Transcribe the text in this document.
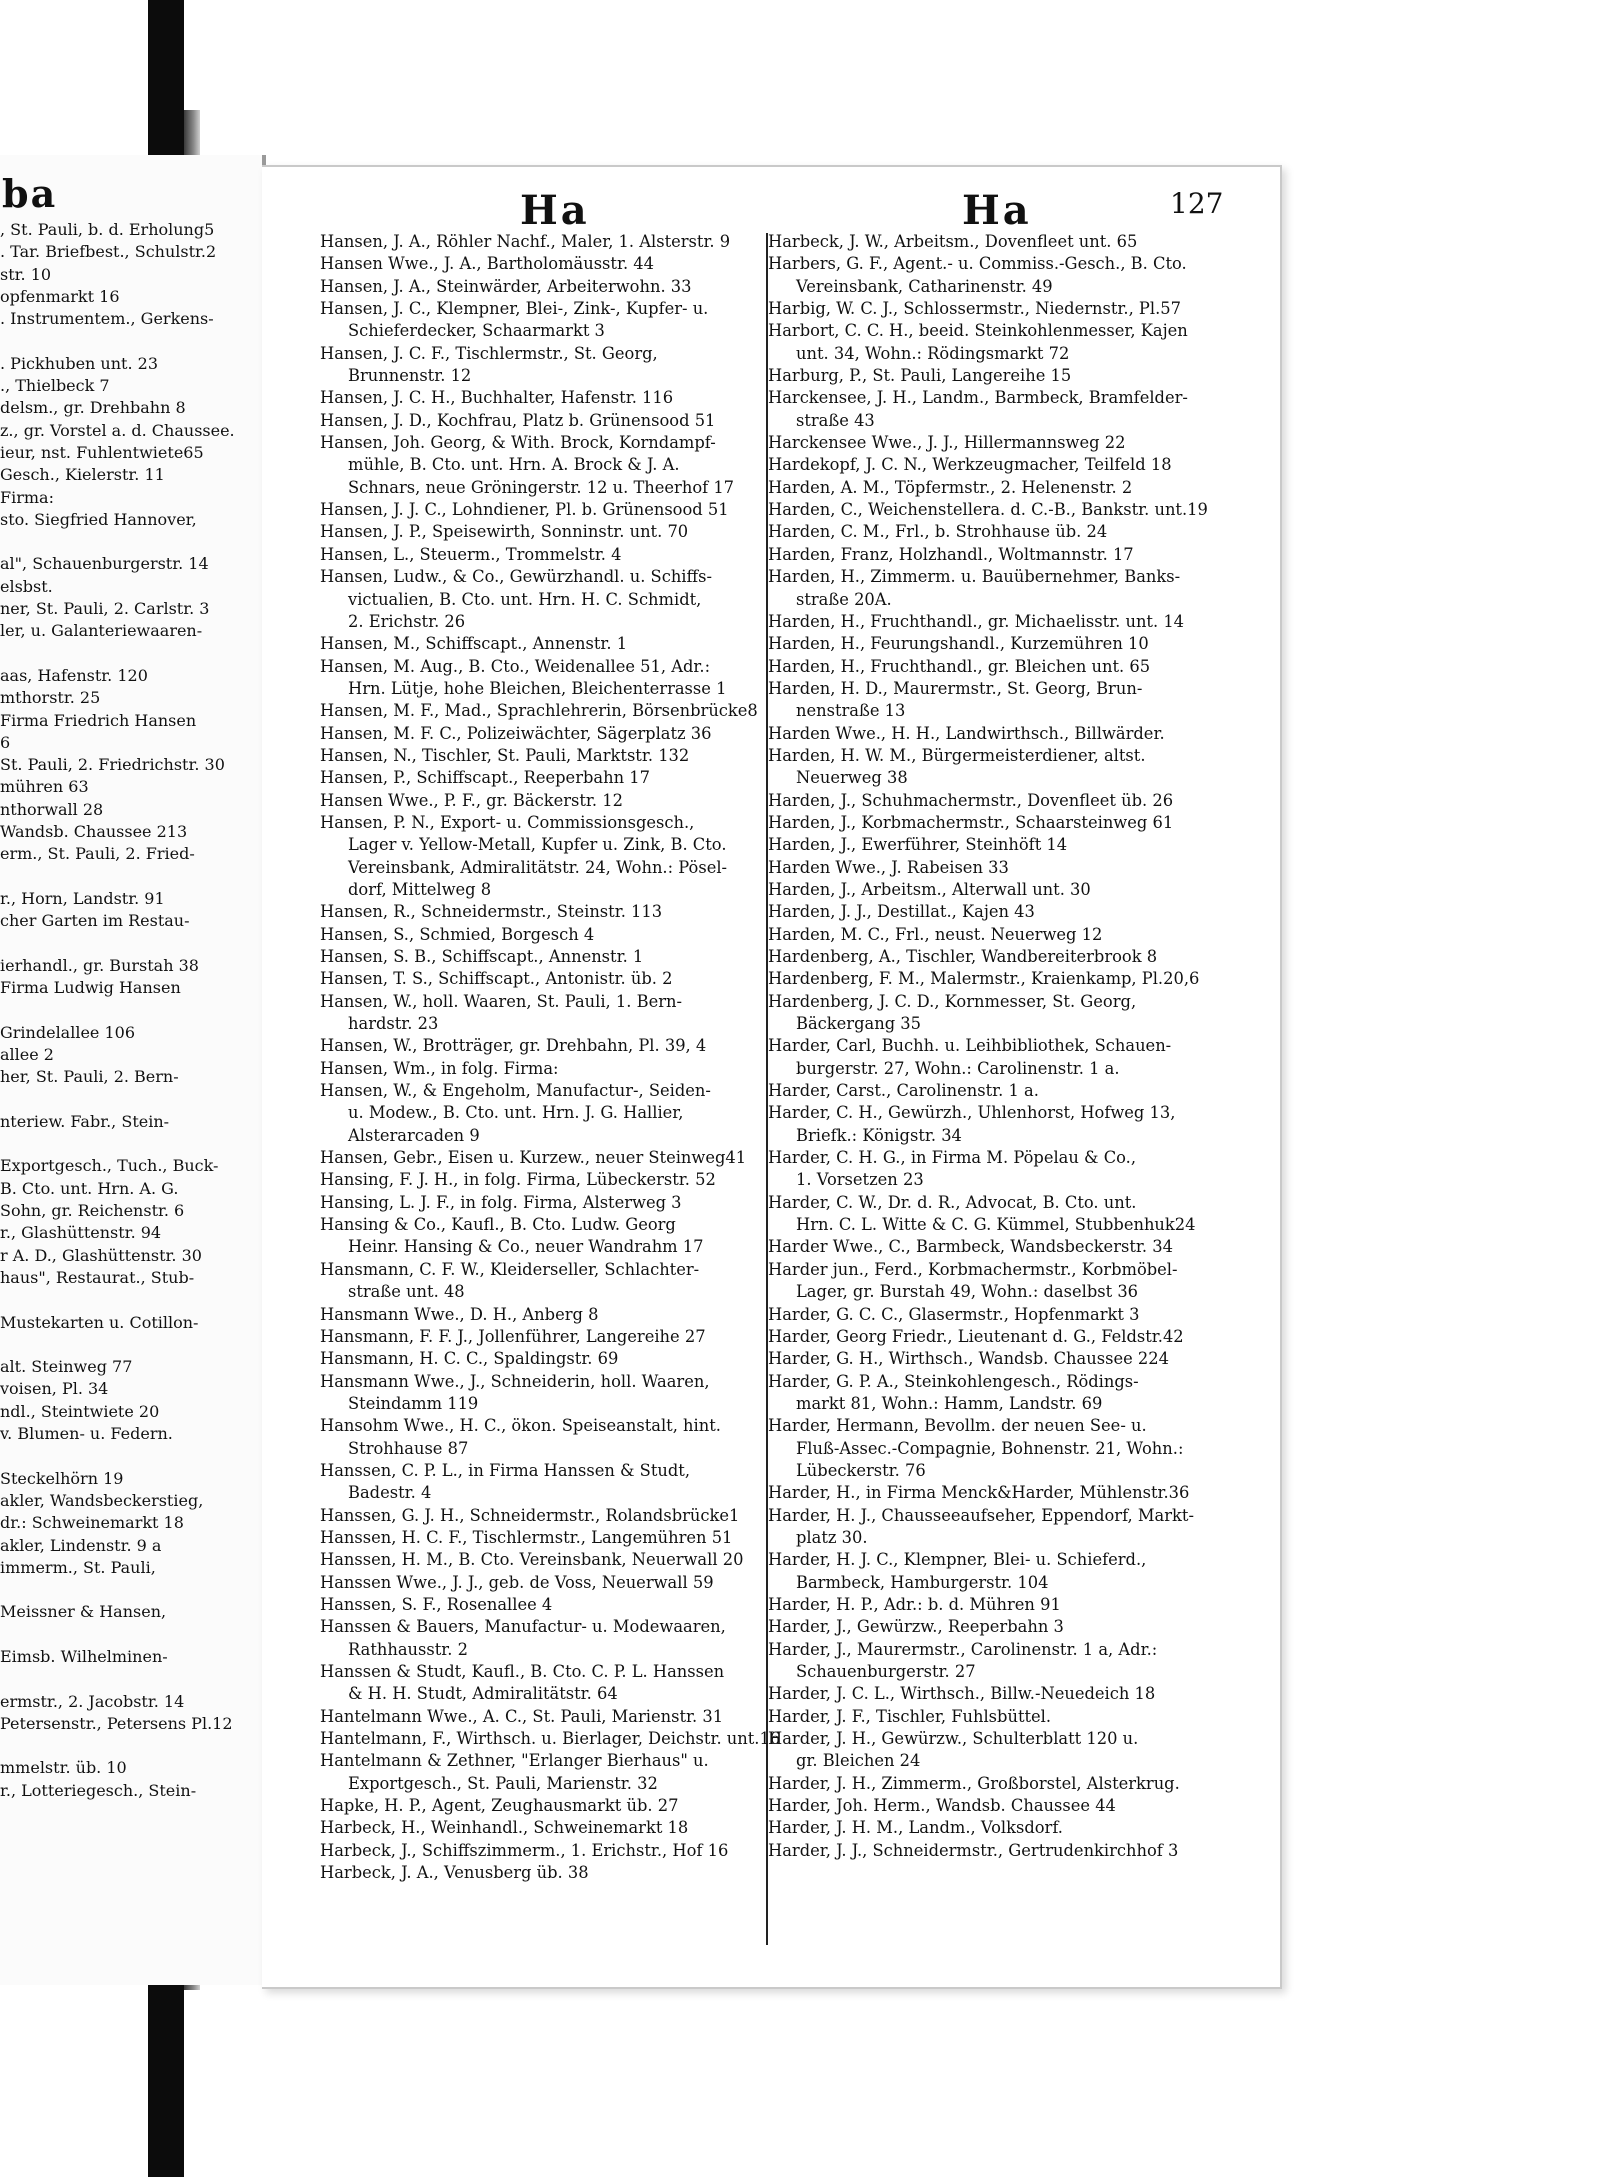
ba
, St. Pauli, b. d. Erholung5
. Tar. Briefbest., Schulstr.2
str. 10
opfenmarkt 16
. Instrumentem., Gerkens-
. Pickhuben unt. 23
., Thielbeck 7
delsm., gr. Drehbahn 8
z., gr. Vorstel a. d. Chaussee.
ieur, nst. Fuhlentwiete65
Gesch., Kielerstr. 11
Firma:
sto. Siegfried Hannover,
al", Schauenburgerstr. 14
elsbst.
ner, St. Pauli, 2. Carlstr. 3
ler, u. Galanteriewaaren-
aas, Hafenstr. 120
mthorstr. 25
Firma Friedrich Hansen
6
St. Pauli, 2. Friedrichstr. 30
mühren 63
nthorwall 28
Wandsb. Chaussee 213
erm., St. Pauli, 2. Fried-
r., Horn, Landstr. 91
cher Garten im Restau-
ierhandl., gr. Burstah 38
Firma Ludwig Hansen
Grindelallee 106
allee 2
her, St. Pauli, 2. Bern-
nteriew. Fabr., Stein-
Exportgesch., Tuch., Buck-
B. Cto. unt. Hrn. A. G.
Sohn, gr. Reichenstr. 6
r., Glashüttenstr. 94
r A. D., Glashüttenstr. 30
haus", Restaurat., Stub-
Mustekarten u. Cotillon-
alt. Steinweg 77
voisen, Pl. 34
ndl., Steintwiete 20
v. Blumen- u. Federn.
Steckelhörn 19
akler, Wandsbeckerstieg,
dr.: Schweinemarkt 18
akler, Lindenstr. 9 a
immerm., St. Pauli,
Meissner & Hansen,
Eimsb. Wilhelminen-
ermstr., 2. Jacobstr. 14
Petersenstr., Petersens Pl.12
mmelstr. üb. 10
r., Lotteriegesch., Stein-
Ha	Ha	127
Hansen, J. A., Röhler Nachf., Maler, 1. Alsterstr. 9
Hansen Wwe., J. A., Bartholomäusstr. 44
Hansen, J. A., Steinwärder, Arbeiterwohn. 33
Hansen, J. C., Klempner, Blei-, Zink-, Kupfer- u.
Schieferdecker, Schaarmarkt 3
Hansen, J. C. F., Tischlermstr., St. Georg,
Brunnenstr. 12
Hansen, J. C. H., Buchhalter, Hafenstr. 116
Hansen, J. D., Kochfrau, Platz b. Grünensood 51
Hansen, Joh. Georg, & With. Brock, Korndampf-
mühle, B. Cto. unt. Hrn. A. Brock & J. A.
Schnars, neue Gröningerstr. 12 u. Theerhof 17
Hansen, J. J. C., Lohndiener, Pl. b. Grünensood 51
Hansen, J. P., Speisewirth, Sonninstr. unt. 70
Hansen, L., Steuerm., Trommelstr. 4
Hansen, Ludw., & Co., Gewürzhandl. u. Schiffs-
victualien, B. Cto. unt. Hrn. H. C. Schmidt,
2. Erichstr. 26
Hansen, M., Schiffscapt., Annenstr. 1
Hansen, M. Aug., B. Cto., Weidenallee 51, Adr.:
Hrn. Lütje, hohe Bleichen, Bleichenterrasse 1
Hansen, M. F., Mad., Sprachlehrerin, Börsenbrücke8
Hansen, M. F. C., Polizeiwächter, Sägerplatz 36
Hansen, N., Tischler, St. Pauli, Marktstr. 132
Hansen, P., Schiffscapt., Reeperbahn 17
Hansen Wwe., P. F., gr. Bäckerstr. 12
Hansen, P. N., Export- u. Commissionsgesch.,
Lager v. Yellow-Metall, Kupfer u. Zink, B. Cto.
Vereinsbank, Admiralitätstr. 24, Wohn.: Pösel-
dorf, Mittelweg 8
Hansen, R., Schneidermstr., Steinstr. 113
Hansen, S., Schmied, Borgesch 4
Hansen, S. B., Schiffscapt., Annenstr. 1
Hansen, T. S., Schiffscapt., Antonistr. üb. 2
Hansen, W., holl. Waaren, St. Pauli, 1. Bern-
hardstr. 23
Hansen, W., Brotträger, gr. Drehbahn, Pl. 39, 4
Hansen, Wm., in folg. Firma:
Hansen, W., & Engeholm, Manufactur-, Seiden-
u. Modew., B. Cto. unt. Hrn. J. G. Hallier,
Alsterarcaden 9
Hansen, Gebr., Eisen u. Kurzew., neuer Steinweg41
Hansing, F. J. H., in folg. Firma, Lübeckerstr. 52
Hansing, L. J. F., in folg. Firma, Alsterweg 3
Hansing & Co., Kaufl., B. Cto. Ludw. Georg
Heinr. Hansing & Co., neuer Wandrahm 17
Hansmann, C. F. W., Kleiderseller, Schlachter-
straße unt. 48
Hansmann Wwe., D. H., Anberg 8
Hansmann, F. F. J., Jollenführer, Langereihe 27
Hansmann, H. C. C., Spaldingstr. 69
Hansmann Wwe., J., Schneiderin, holl. Waaren,
Steindamm 119
Hansohm Wwe., H. C., ökon. Speiseanstalt, hint.
Strohhause 87
Hanssen, C. P. L., in Firma Hanssen & Studt,
Badestr. 4
Hanssen, G. J. H., Schneidermstr., Rolandsbrücke1
Hanssen, H. C. F., Tischlermstr., Langemühren 51
Hanssen, H. M., B. Cto. Vereinsbank, Neuerwall 20
Hanssen Wwe., J. J., geb. de Voss, Neuerwall 59
Hanssen, S. F., Rosenallee 4
Hanssen & Bauers, Manufactur- u. Modewaaren,
Rathhausstr. 2
Hanssen & Studt, Kaufl., B. Cto. C. P. L. Hanssen
& H. H. Studt, Admiralitätstr. 64
Hantelmann Wwe., A. C., St. Pauli, Marienstr. 31
Hantelmann, F., Wirthsch. u. Bierlager, Deichstr. unt.16
Hantelmann & Zethner, "Erlanger Bierhaus" u.
Exportgesch., St. Pauli, Marienstr. 32
Hapke, H. P., Agent, Zeughausmarkt üb. 27
Harbeck, H., Weinhandl., Schweinemarkt 18
Harbeck, J., Schiffszimmerm., 1. Erichstr., Hof 16
Harbeck, J. A., Venusberg üb. 38
Harbeck, J. W., Arbeitsm., Dovenfleet unt. 65
Harbers, G. F., Agent.- u. Commiss.-Gesch., B. Cto.
Vereinsbank, Catharinenstr. 49
Harbig, W. C. J., Schlossermstr., Niedernstr., Pl.57
Harbort, C. C. H., beeid. Steinkohlenmesser, Kajen
unt. 34, Wohn.: Rödingsmarkt 72
Harburg, P., St. Pauli, Langereihe 15
Harckensee, J. H., Landm., Barmbeck, Bramfelder-
straße 43
Harckensee Wwe., J. J., Hillermannsweg 22
Hardekopf, J. C. N., Werkzeugmacher, Teilfeld 18
Harden, A. M., Töpfermstr., 2. Helenenstr. 2
Harden, C., Weichenstellera. d. C.-B., Bankstr. unt.19
Harden, C. M., Frl., b. Strohhause üb. 24
Harden, Franz, Holzhandl., Woltmannstr. 17
Harden, H., Zimmerm. u. Bauübernehmer, Banks-
straße 20A.
Harden, H., Fruchthandl., gr. Michaelisstr. unt. 14
Harden, H., Feurungshandl., Kurzemühren 10
Harden, H., Fruchthandl., gr. Bleichen unt. 65
Harden, H. D., Maurermstr., St. Georg, Brun-
nenstraße 13
Harden Wwe., H. H., Landwirthsch., Billwärder.
Harden, H. W. M., Bürgermeisterdiener, altst.
Neuerweg 38
Harden, J., Schuhmachermstr., Dovenfleet üb. 26
Harden, J., Korbmachermstr., Schaarsteinweg 61
Harden, J., Ewerführer, Steinhöft 14
Harden Wwe., J. Rabeisen 33
Harden, J., Arbeitsm., Alterwall unt. 30
Harden, J. J., Destillat., Kajen 43
Harden, M. C., Frl., neust. Neuerweg 12
Hardenberg, A., Tischler, Wandbereiterbrook 8
Hardenberg, F. M., Malermstr., Kraienkamp, Pl.20,6
Hardenberg, J. C. D., Kornmesser, St. Georg,
Bäckergang 35
Harder, Carl, Buchh. u. Leihbibliothek, Schauen-
burgerstr. 27, Wohn.: Carolinenstr. 1 a.
Harder, Carst., Carolinenstr. 1 a.
Harder, C. H., Gewürzh., Uhlenhorst, Hofweg 13,
Briefk.: Königstr. 34
Harder, C. H. G., in Firma M. Pöpelau & Co.,
1. Vorsetzen 23
Harder, C. W., Dr. d. R., Advocat, B. Cto. unt.
Hrn. C. L. Witte & C. G. Kümmel, Stubbenhuk24
Harder Wwe., C., Barmbeck, Wandsbeckerstr. 34
Harder jun., Ferd., Korbmachermstr., Korbmöbel-
Lager, gr. Burstah 49, Wohn.: daselbst 36
Harder, G. C. C., Glasermstr., Hopfenmarkt 3
Harder, Georg Friedr., Lieutenant d. G., Feldstr.42
Harder, G. H., Wirthsch., Wandsb. Chaussee 224
Harder, G. P. A., Steinkohlengesch., Rödings-
markt 81, Wohn.: Hamm, Landstr. 69
Harder, Hermann, Bevollm. der neuen See- u.
Fluß-Assec.-Compagnie, Bohnenstr. 21, Wohn.:
Lübeckerstr. 76
Harder, H., in Firma Menck&Harder, Mühlenstr.36
Harder, H. J., Chausseeaufseher, Eppendorf, Markt-
platz 30.
Harder, H. J. C., Klempner, Blei- u. Schieferd.,
Barmbeck, Hamburgerstr. 104
Harder, H. P., Adr.: b. d. Mühren 91
Harder, J., Gewürzw., Reeperbahn 3
Harder, J., Maurermstr., Carolinenstr. 1 a, Adr.:
Schauenburgerstr. 27
Harder, J. C. L., Wirthsch., Billw.-Neuedeich 18
Harder, J. F., Tischler, Fuhlsbüttel.
Harder, J. H., Gewürzw., Schulterblatt 120 u.
gr. Bleichen 24
Harder, J. H., Zimmerm., Großborstel, Alsterkrug.
Harder, Joh. Herm., Wandsb. Chaussee 44
Harder, J. H. M., Landm., Volksdorf.
Harder, J. J., Schneidermstr., Gertrudenkirchhof 3
